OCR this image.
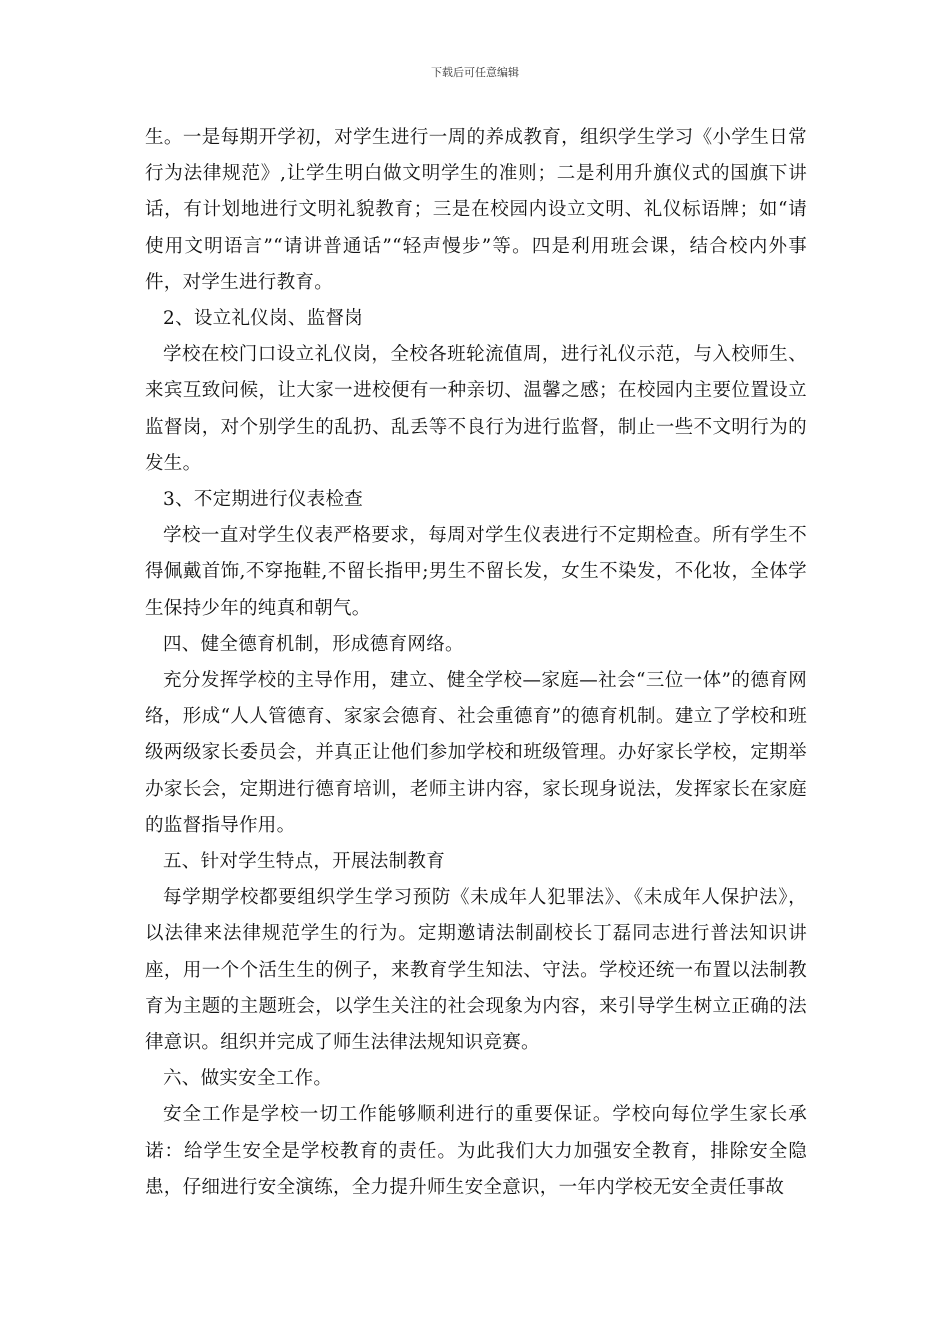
下载后可任意编辑

生。一是每期开学初，对学生进行一周的养成教育，组织学生学习《小学生日常行为法律规范》,让学生明白做文明学生的准则；二是利用升旗仪式的国旗下讲话，有计划地进行文明礼貌教育；三是在校园内设立文明、礼仪标语牌；如“请使用文明语言”“请讲普通话”“轻声慢步”等。四是利用班会课，结合校内外事件，对学生进行教育。

2、设立礼仪岗、监督岗

学校在校门口设立礼仪岗，全校各班轮流值周，进行礼仪示范，与入校师生、来宾互致问候，让大家一进校便有一种亲切、温馨之感；在校园内主要位置设立监督岗，对个别学生的乱扔、乱丢等不良行为进行监督，制止一些不文明行为的发生。

3、不定期进行仪表检查

学校一直对学生仪表严格要求，每周对学生仪表进行不定期检查。所有学生不得佩戴首饰,不穿拖鞋,不留长指甲;男生不留长发，女生不染发，不化妆，全体学生保持少年的纯真和朝气。

四、健全德育机制，形成德育网络。

充分发挥学校的主导作用，建立、健全学校—家庭—社会“三位一体”的德育网络，形成“人人管德育、家家会德育、社会重德育”的德育机制。建立了学校和班级两级家长委员会，并真正让他们参加学校和班级管理。办好家长学校，定期举办家长会，定期进行德育培训，老师主讲内容，家长现身说法，发挥家长在家庭的监督指导作用。

五、针对学生特点，开展法制教育

每学期学校都要组织学生学习预防《未成年人犯罪法》、《未成年人保护法》，以法律来法律规范学生的行为。定期邀请法制副校长丁磊同志进行普法知识讲座，用一个个活生生的例子，来教育学生知法、守法。学校还统一布置以法制教育为主题的主题班会，以学生关注的社会现象为内容，来引导学生树立正确的法律意识。组织并完成了师生法律法规知识竞赛。

六、做实安全工作。

安全工作是学校一切工作能够顺利进行的重要保证。学校向每位学生家长承诺：给学生安全是学校教育的责任。为此我们大力加强安全教育，排除安全隐患，仔细进行安全演练，全力提升师生安全意识，一年内学校无安全责任事故
